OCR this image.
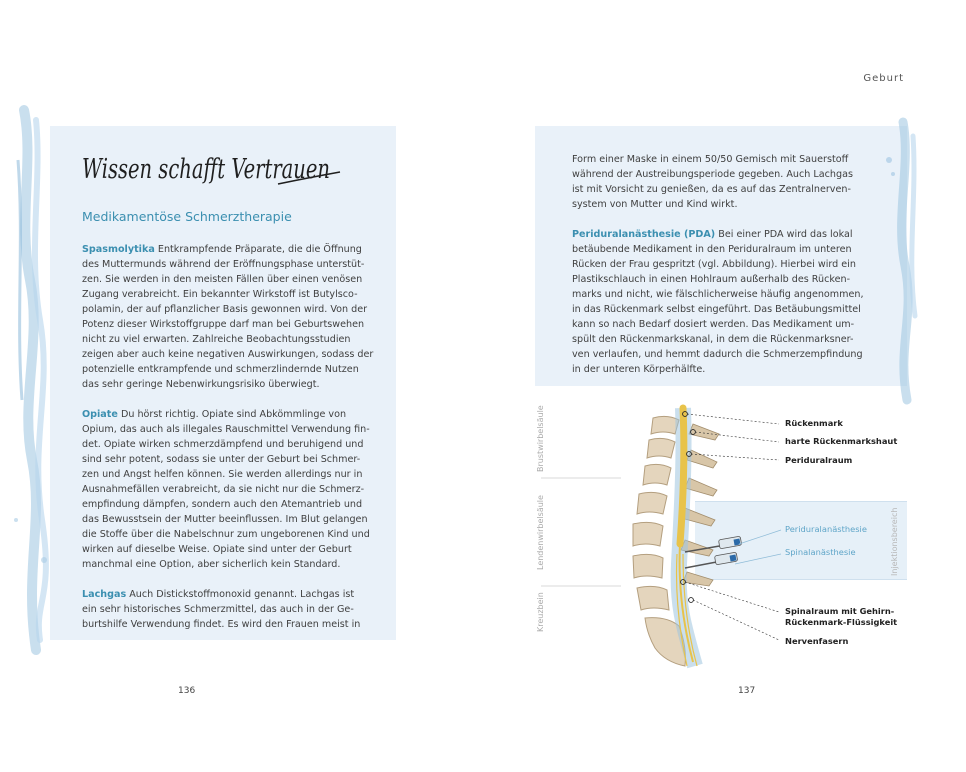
Wissen schafft Vertrauen
Medikamentöse Schmerztherapie

Spasmolytika Entkrampfende Präparate, die die Öffnung

des Muttermunds während der Eröffnungsphase unterstüt-

zen. Sie werden in den meisten Fällen über einen venösen

Zugang verabreicht. Ein bekannter Wirkstoff ist Butylsco-

polamin, der auf pflanzlicher Basis gewonnen wird. Von der

Potenz dieser Wirkstoffgruppe darf man bei Geburtswehen

nicht zu viel erwarten. Zahlreiche Beobachtungsstudien

zeigen aber auch keine negativen Auswirkungen, sodass der

potenzielle entkrampfende und schmerzlindernde Nutzen

das sehr geringe Nebenwirkungsrisiko überwiegt.

Opiate Du hörst richtig. Opiate sind Abkömmlinge von

Opium, das auch als illegales Rauschmittel Verwendung fin-

det. Opiate wirken schmerzdämpfend und beruhigend und

sind sehr potent, sodass sie unter der Geburt bei Schmer-

zen und Angst helfen können. Sie werden allerdings nur in

Ausnahmefällen verabreicht, da sie nicht nur die Schmerz-

empfindung dämpfen, sondern auch den Atemantrieb und

das Bewusstsein der Mutter beeinflussen. Im Blut gelangen

die Stoffe über die Nabelschnur zum ungeborenen Kind und

wirken auf dieselbe Weise. Opiate sind unter der Geburt

manchmal eine Option, aber sicherlich kein Standard.

Lachgas Auch Distickstoffmonoxid genannt. Lachgas ist

ein sehr historisches Schmerzmittel, das auch in der Ge-

burtshilfe Verwendung findet. Es wird den Frauen meist in

136
Geburt

Form einer Maske in einem 50/50 Gemisch mit Sauerstoff

während der Austreibungsperiode gegeben. Auch Lachgas

ist mit Vorsicht zu genießen, da es auf das Zentralnerven-

system von Mutter und Kind wirkt.

Periduralanästhesie (PDA) Bei einer PDA wird das lokal

betäubende Medikament in den Periduralraum im unteren

Rücken der Frau gespritzt (vgl. Abbildung). Hierbei wird ein

Plastikschlauch in einen Hohlraum außerhalb des Rücken-

marks und nicht, wie fälschlicherweise häufig angenommen,

in das Rückenmark selbst eingeführt. Das Betäubungsmittel

kann so nach Bedarf dosiert werden. Das Medikament um-

spült den Rückenmarkskanal, in dem die Rückenmarksner-

ven verlaufen, und hemmt dadurch die Schmerzempfindung

in der unteren Körperhälfte.

Brustwirbelsäule
Lendenwirbelsäule
Kreuzbein
Injektionsbereich
Rückenmark
harte Rückenmarkshaut
Periduralraum
Periduralanästhesie
Spinalanästhesie
Spinalraum mit Gehirn-
Rückenmark-Flüssigkeit
Nervenfasern
137
